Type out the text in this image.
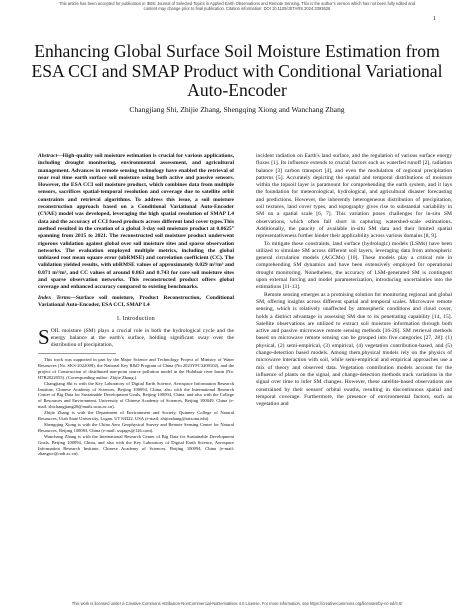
This article has been accepted for publication in IEEE Journal of Selected Topics in Applied Earth Observations and Remote Sensing. This is the author's version which has not been fully edited and
content may change prior to final publication. Citation information: DOI 10.1109/JSTARS.2024.3393626
1
Enhancing Global Surface Soil Moisture Estimation from ESA CCI and SMAP Product with Conditional Variational Auto-Encoder
Changjiang Shi, Zhijie Zhang, Shengqing Xiong and Wanchang Zhang

Abstract—High-quality soil moisture estimation is crucial for various applications, including drought monitoring, environmental assessment, and agricultural management. Advances in remote sensing technology have enabled the retrieval of near real time earth surface soil moisture using both active and passive sensors. However, the ESA CCI soil moisture product, which combines data from multiple sensors, sacrifices spatial-temporal resolution and coverage due to satellite orbit constraints and retrieval algorithms. To address this issue, a soil moisture reconstruction approach based on a Conditional Variational Auto-Encoder (CVAE) model was developed, leveraging the high spatial resolution of SMAP L4 data and the accuracy of CCI fused products across different land cover types.This method resulted in the creation of a global 3-day soil moisture product at 0.0625° spanning from 2015 to 2021. The reconstructed soil moisture product underwent rigorous validation against global over soil moisture sites and sparse observation networks. The evaluation employed multiple metrics, including the global unbiased root mean square error (ubRMSE) and correlation coefficient (CC). The validation yielded results, with ubRMSE values of approximately 0.029 m³/m³ and 0.071 m³/m³, and CC values of around 0.863 and 0.743 for core soil moisture sites and sparse observation networks. This reconstructed product offers global coverage and enhanced accuracy compared to existing benchmarks.

Index Terms—Surface soil moisture, Product Reconstruction, Conditional Variational Auto-Encoder, ESA CCI, SMAP L4

I. Introduction

SOIL moisture (SM) plays a crucial role in both the hydrological cycle and the energy balance at the earth's surface, holding significant sway over the distribution of precipitation,

This work was supported in part by the Major Science and Technology Project of Ministry of Water Resources (No. SKS-2022008), the National Key R&D Program of China (No.2023YFC3209102), and the project of Construction of distributed non-point source pollution model in the Huluhuir river basin (No. H7B2022055). (Corresponding author: Zhijie Zhang.)

Changjiang Shi is with the Key Laboratory of Digital Earth Science, Aerospace Information Research Institute, Chinese Academy of Sciences, Beijing 100094, China, also with the International Research Center of Big Data for Sustainable Development Goals, Beijing 100094, China, and also with the College of Resources and Environment, University of Chinese Academy of Sciences, Beijing 100049, China (e-mail: shichangjiang20@mails.ucas.ac.cn).

Zhijie Zhang is with the Department of Environment and Society, Quinney College of Natural Resources, Utah State University, Logan, UT 84322, USA (e-mail: zhijiezhang@arizona.edu).

Shengqing Xiong is with the China Aero Geophysical Survey and Remote Sensing Center for Natural Resources, Beijing 100083, China (e-mail: xsqagrs@126.com).

Wanchang Zhang is with the International Research Center of Big Data for Sustainable Development Goals, Beijing 100094, China, and also with the Key Laboratory of Digital Earth Science, Aerospace Information Research Institute, Chinese Academy of Sciences, Beijing 100094, China (e-mail: zhangwc@radi.ac.cn).

incident radiation on Earth's land surface, and the regulation of various surface energy fluxes [1]. Its influence extends to crucial factors such as waterfed runoff [2], radiation balance [3] carbon transport [4], and even the modulation of regional precipitation patterns [5]. Accurately depicting the spatial and temporal distributions of moisture within the topsoil layer is paramount for comprehending the earth system, and it lays the foundation for meteorological, hydrological, and agricultural disaster forecasting and predictions. However, the inherently heterogeneous distribution of precipitation, soil textures, land cover types, and topography gives rise to substantial variability in SM on a spatial scale [6, 7]. This variation poses challenges for in-situ SM observations, which often fall short in capturing watershed-scale estimations. Additionally, the paucity of available in-situ SM data and their limited spatial representativeness further hinder their applicability across various domains [8, 9].

To mitigate these constraints, land surface (hydrologic) models (LSMs) have been utilized to simulate SM across different soil layers, leveraging data from atmospheric general circulation models (AGCMs) [10]. These models play a critical role in comprehending SM dynamics and have been extensively employed for operational drought monitoring. Nonetheless, the accuracy of LSM-generated SM is contingent upon external forcing and model parameterization, introducing uncertainties into the estimations [11-13].

Remote sensing emerges as a promising solution for monitoring regional and global SM, offering insights across different spatial and temporal scales. Microwave remote sensing, which is relatively unaffected by atmospheric conditions and cloud cover, holds a distinct advantage in assessing SM due to its penetrating capability [14, 15]. Satellite observations are utilized to extract soil moisture information through both active and passive microwave remote sensing methods [16-26]. SM retrieval methods based on microwave remote sensing can be grouped into five categories [27, 28]: (1) physical, (2) semi-empirical, (3) empirical, (4) vegetation contribution-based, and (5) change-detection based models. Among them,physical models rely on the physics of microwave interaction with soil, while semi-empirical and empirical approaches use a mix of theory and observed data. Vegetation contribution models account for the influence of plants on the signal, and change-detection methods track variations in the signal over time to infer SM changes. However, these satellite-based observations are constrained by their sensors' orbital swaths, resulting in discontinuous spatial and temporal coverage. Furthermore, the presence of environmental factors, such as vegetation and

This work is licensed under a Creative Commons Attribution-NonCommercial-NoDerivatives 4.0 License. For more information, see https://creativecommons.org/licenses/by-nc-nd/4.0/
